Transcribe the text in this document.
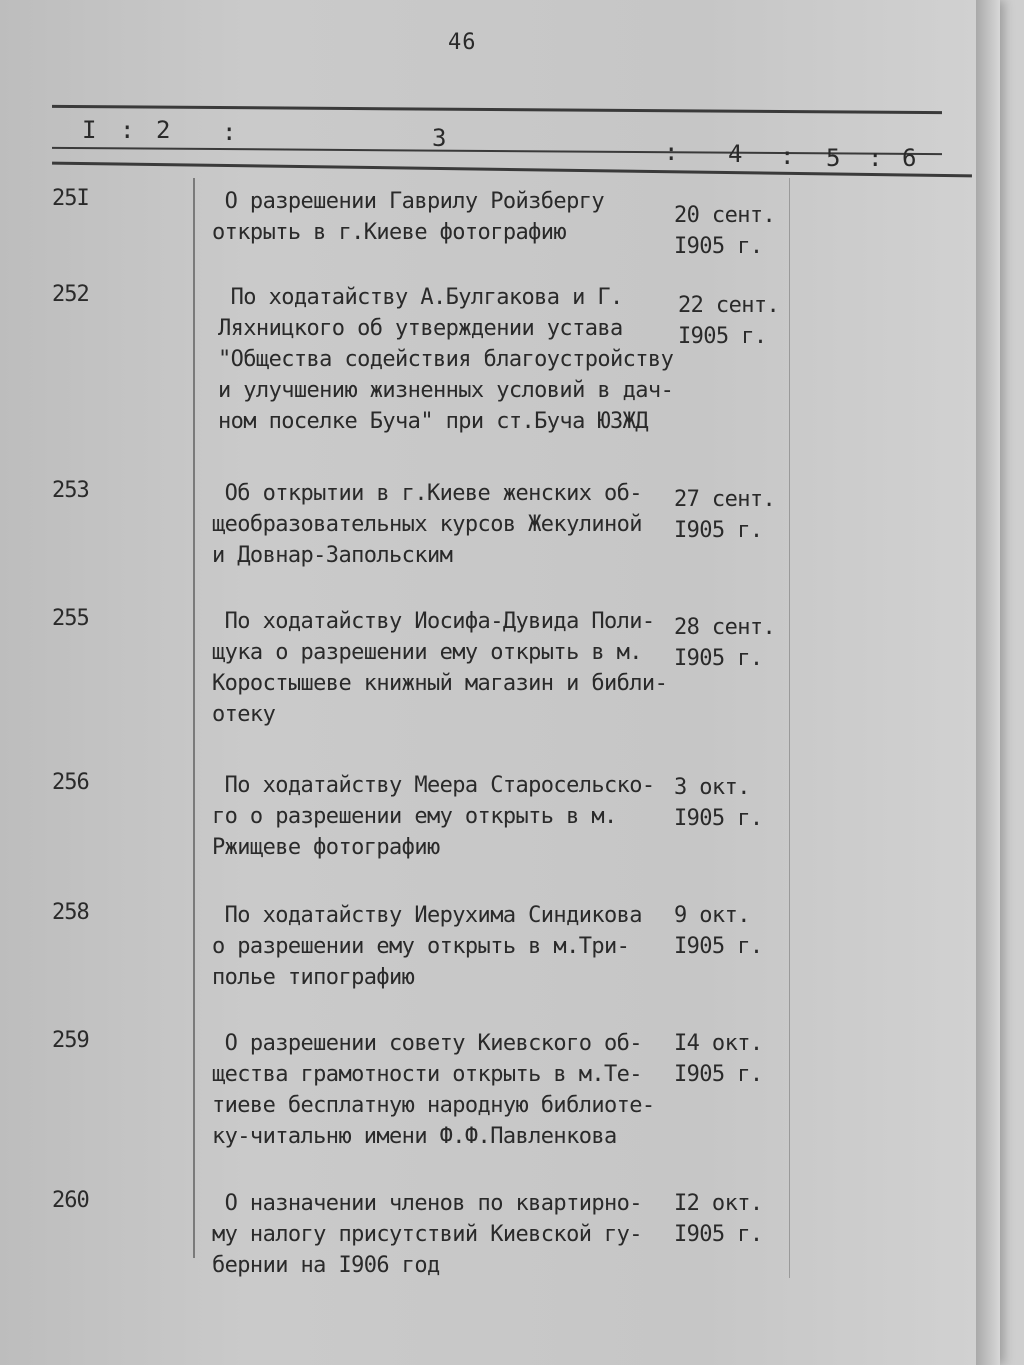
46
I : 2 :	3	: 4 : 5 : 6
25I	О разрешении Гаврилу Ройзбергу
открыть в г.Киеве фотографию
20 сент.
I905 г.
252	По ходатайству А.Булгакова и Г.
Ляхницкого об утверждении устава
"Общества содействия благоустройству
и улучшению жизненных условий в дач-
ном поселке Буча" при ст.Буча ЮЗЖД
22 сент.
I905 г.
253	Об открытии в г.Киеве женских об-
щеобразовательных курсов Жекулиной
и Довнар-Запольским
27 сент.
I905 г.
255	По ходатайству Иосифа-Дувида Поли-
щука о разрешении ему открыть в м.
Коростышеве книжный магазин и библи-
отеку
28 сент.
I905 г.
256	По ходатайству Меера Старосельско-
го о разрешении ему открыть в м.
Ржищеве фотографию
3 окт.
I905 г.
258	По ходатайству Иерухима Синдикова
о разрешении ему открыть в м.Три-
полье типографию
9 окт.
I905 г.
259	О разрешении совету Киевского об-
щества грамотности открыть в м.Те-
тиеве бесплатную народную библиоте-
ку-читальню имени Ф.Ф.Павленкова
I4 окт.
I905 г.
260	О назначении членов по квартирно-
му налогу присутствий Киевской гу-
бернии на I906 год
I2 окт.
I905 г.
